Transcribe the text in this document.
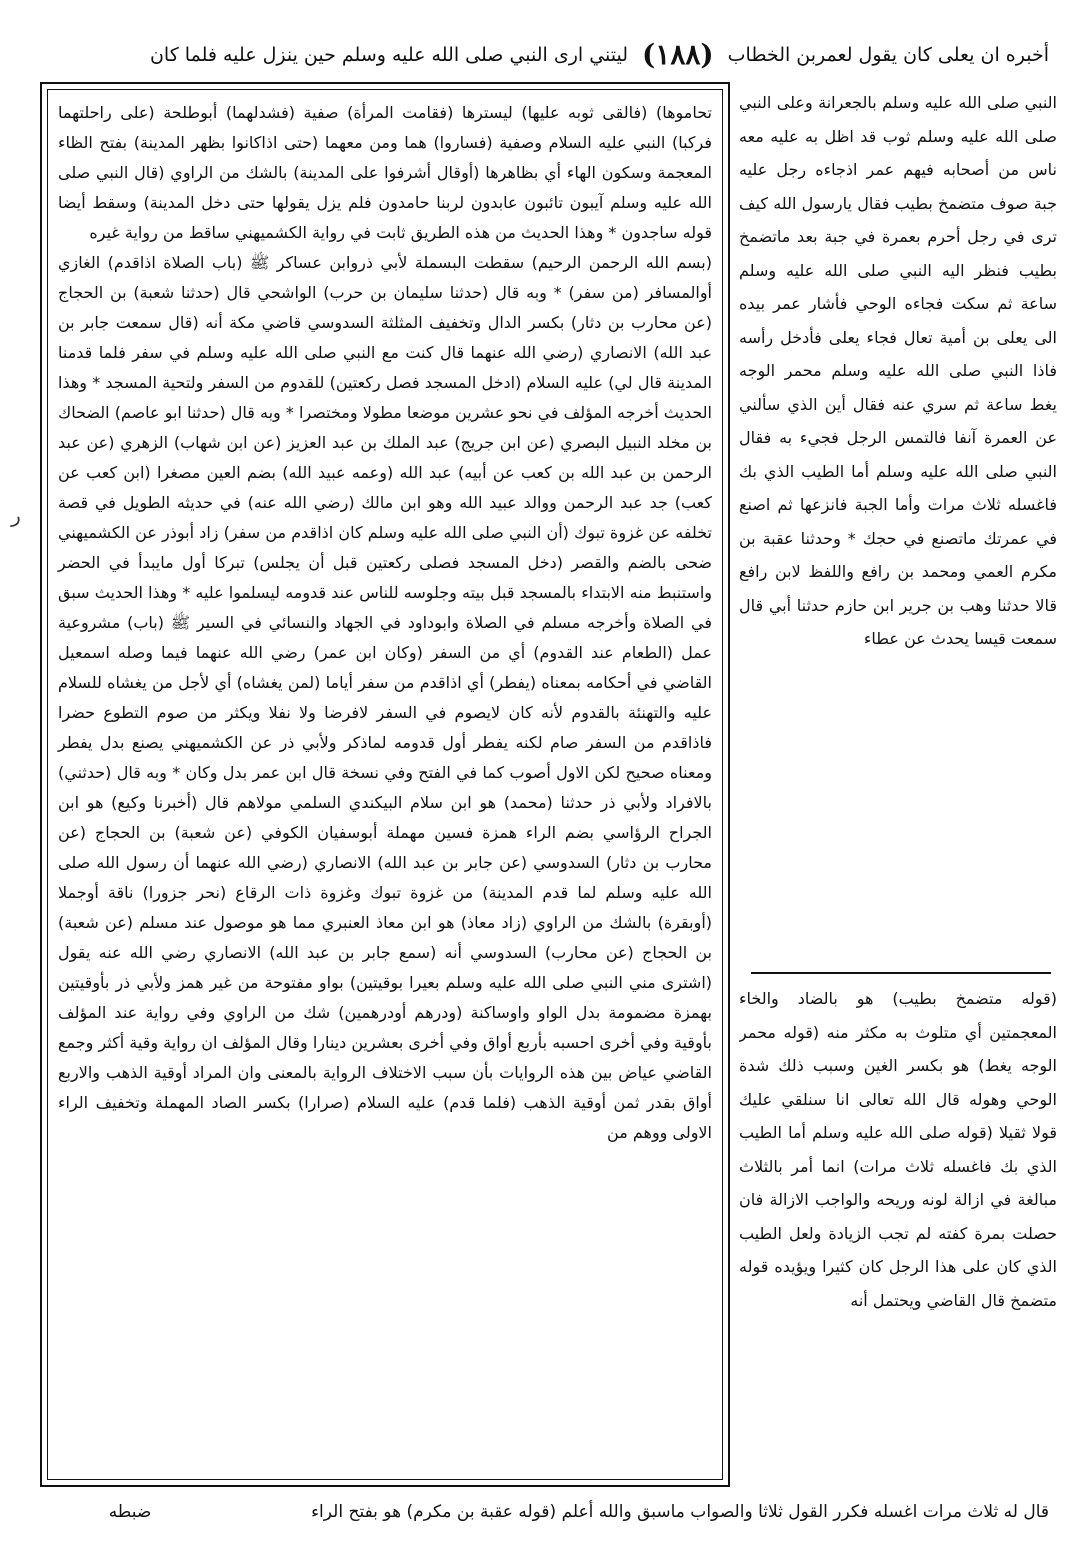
أخبره ان يعلى كان يقول لعمربن الخطاب
(١٨٨)
ليتني ارى النبي صلى الله عليه وسلم حين ينزل عليه فلما كان
ر

تحاموها) (فالقى ثوبه عليها) ليسترها (فقامت المرأة) صفية (فشدلهما) أبوطلحة (على راحلتهما فركبا) النبي عليه السلام وصفية (فساروا) هما ومن معهما (حتى اذاكانوا بظهر المدينة) بفتح الظاء المعجمة وسكون الهاء أي بظاهرها (أوقال أشرفوا على المدينة) بالشك من الراوي (قال النبي صلى الله عليه وسلم آيبون تائبون عابدون لربنا حامدون فلم يزل يقولها حتى دخل المدينة) وسقط أيضا قوله ساجدون * وهذا الحديث من هذه الطريق ثابت في رواية الكشميهني ساقط من رواية غيره

(بسم الله الرحمن الرحيم) سقطت البسملة لأبي ذروابن عساكر ﷺ (باب الصلاة اذاقدم) الغازي أوالمسافر (من سفر) * وبه قال (حدثنا سليمان بن حرب) الواشحي قال (حدثنا شعبة) بن الحجاج (عن محارب بن دثار) بكسر الدال وتخفيف المثلثة السدوسي قاضي مكة أنه (قال سمعت جابر بن عبد الله) الانصاري (رضي الله عنهما قال كنت مع النبي صلى الله عليه وسلم في سفر فلما قدمنا المدينة قال لي) عليه السلام (ادخل المسجد فصل ركعتين) للقدوم من السفر ولتحية المسجد * وهذا الحديث أخرجه المؤلف في نحو عشرين موضعا مطولا ومختصرا * وبه قال (حدثنا ابو عاصم) الضحاك بن مخلد النبيل البصري (عن ابن جريج) عبد الملك بن عبد العزيز (عن ابن شهاب) الزهري (عن عبد الرحمن بن عبد الله بن كعب عن أبيه) عبد الله (وعمه عبيد الله) بضم العين مصغرا (ابن كعب عن كعب) جد عبد الرحمن ووالد عبيد الله وهو ابن مالك (رضي الله عنه) في حديثه الطويل في قصة تخلفه عن غزوة تبوك (أن النبي صلى الله عليه وسلم كان اذاقدم من سفر) زاد أبوذر عن الكشميهني ضحى بالضم والقصر (دخل المسجد فصلى ركعتين قبل أن يجلس) تبركا أول مايبدأ في الحضر واستنبط منه الابتداء بالمسجد قبل بيته وجلوسه للناس عند قدومه ليسلموا عليه * وهذا الحديث سبق في الصلاة وأخرجه مسلم في الصلاة وابوداود في الجهاد والنسائي في السير ﷺ (باب) مشروعية عمل (الطعام عند القدوم) أي من السفر (وكان ابن عمر) رضي الله عنهما فيما وصله اسمعيل القاضي في أحكامه بمعناه (يفطر) أي اذاقدم من سفر أياما (لمن يغشاه) أي لأجل من يغشاه للسلام عليه والتهنئة بالقدوم لأنه كان لايصوم في السفر لافرضا ولا نفلا ويكثر من صوم التطوع حضرا فاذاقدم من السفر صام لكنه يفطر أول قدومه لماذكر ولأبي ذر عن الكشميهني يصنع بدل يفطر ومعناه صحيح لكن الاول أصوب كما في الفتح وفي نسخة قال ابن عمر بدل وكان * وبه قال (حدثني) بالافراد ولأبي ذر حدثنا (محمد) هو ابن سلام البيكندي السلمي مولاهم قال (أخبرنا وكيع) هو ابن الجراح الرؤاسي بضم الراء همزة فسين مهملة أبوسفيان الكوفي (عن شعبة) بن الحجاج (عن محارب بن دثار) السدوسي (عن جابر بن عبد الله) الانصاري (رضي الله عنهما أن رسول الله صلى الله عليه وسلم لما قدم المدينة) من غزوة تبوك وغزوة ذات الرقاع (نحر جزورا) ناقة أوجملا (أوبقرة) بالشك من الراوي (زاد معاذ) هو ابن معاذ العنبري مما هو موصول عند مسلم (عن شعبة) بن الحجاج (عن محارب) السدوسي أنه (سمع جابر بن عبد الله) الانصاري رضي الله عنه يقول (اشترى مني النبي صلى الله عليه وسلم بعيرا بوقيتين) بواو مفتوحة من غير همز ولأبي ذر بأوقيتين بهمزة مضمومة بدل الواو واوساكنة (ودرهم أودرهمين) شك من الراوي وفي رواية عند المؤلف بأوقية وفي أخرى احسبه بأربع أواق وفي أخرى بعشرين دينارا وقال المؤلف ان رواية وقية أكثر وجمع القاضي عياض بين هذه الروايات بأن سبب الاختلاف الرواية بالمعنى وان المراد أوقية الذهب والاربع أواق بقدر ثمن أوقية الذهب (فلما قدم) عليه السلام (صرارا) بكسر الصاد المهملة وتخفيف الراء الاولى ووهم من

النبي صلى الله عليه وسلم بالجعرانة وعلى النبي صلى الله عليه وسلم ثوب قد اظل به عليه معه ناس من أصحابه فيهم عمر اذجاءه رجل عليه جبة صوف متضمخ بطيب فقال يارسول الله كيف ترى في رجل أحرم بعمرة في جبة بعد ماتضمخ بطيب فنظر اليه النبي صلى الله عليه وسلم ساعة ثم سكت فجاءه الوحي فأشار عمر بيده الى يعلى بن أمية تعال فجاء يعلى فأدخل رأسه فاذا النبي صلى الله عليه وسلم محمر الوجه يغط ساعة ثم سري عنه فقال أين الذي سألني عن العمرة آنفا فالتمس الرجل فجيء به فقال النبي صلى الله عليه وسلم أما الطيب الذي بك فاغسله ثلاث مرات وأما الجبة فانزعها ثم اصنع في عمرتك ماتصنع في حجك * وحدثنا عقبة بن مكرم العمي ومحمد بن رافع واللفظ لابن رافع قالا حدثنا وهب بن جرير ابن حازم حدثنا أبي قال سمعت قيسا يحدث عن عطاء

(قوله متضمخ بطيب) هو بالضاد والخاء المعجمتين أي متلوث به مكثر منه (قوله محمر الوجه يغط) هو بكسر الغين وسبب ذلك شدة الوحي وهوله قال الله تعالى انا سنلقي عليك قولا ثقيلا (قوله صلى الله عليه وسلم أما الطيب الذي بك فاغسله ثلاث مرات) انما أمر بالثلاث مبالغة في ازالة لونه وريحه والواجب الازالة فان حصلت بمرة كفته لم تجب الزيادة ولعل الطيب الذي كان على هذا الرجل كان كثيرا ويؤيده قوله متضمخ قال القاضي ويحتمل أنه

قال له ثلاث مرات اغسله فكرر القول ثلاثا والصواب ماسبق والله أعلم (قوله عقبة بن مكرم) هو بفتح الراء
ضبطه
